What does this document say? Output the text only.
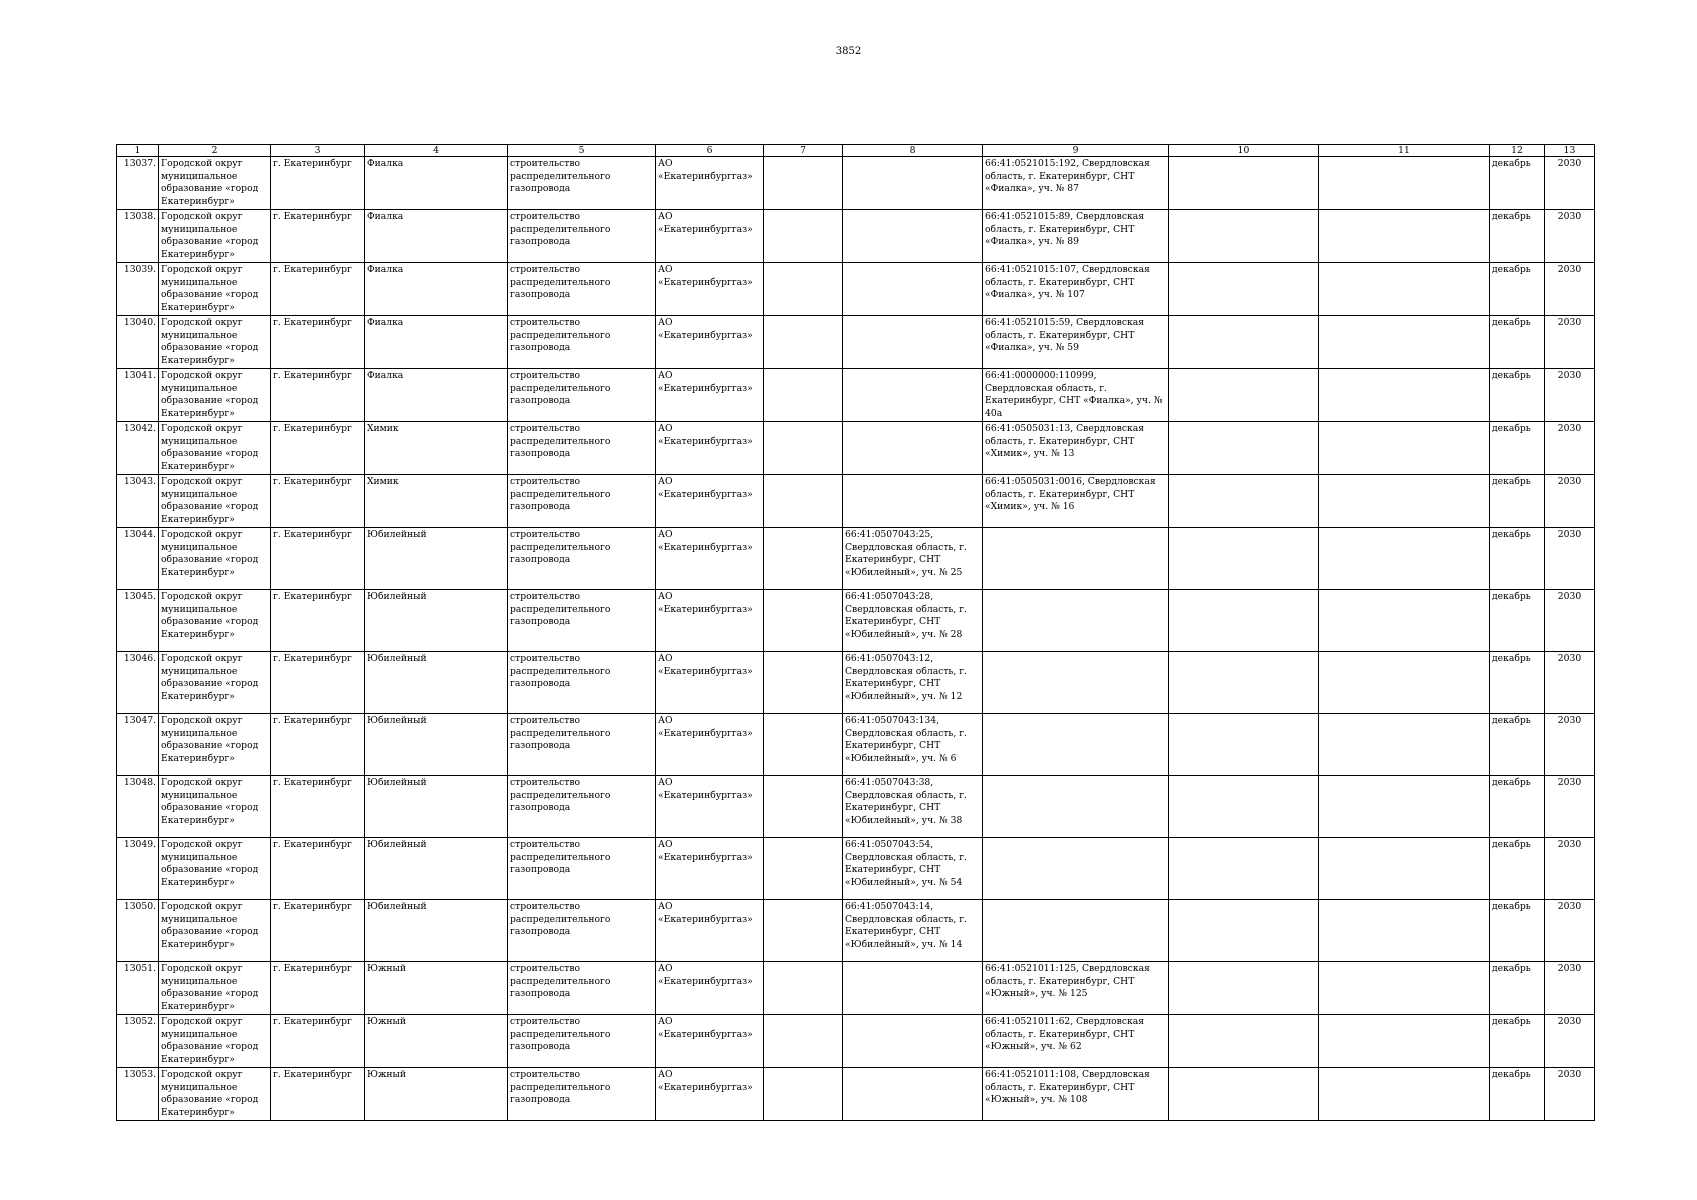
3852
1	2	3	4	5	6	7	8	9	10	11	12	13
13037.	Городской округ муниципальное образование «город Екатеринбург»	г. Екатеринбург	Фиалка	строительство распределительного газопровода	АО «Екатеринбурггаз»			66:41:0521015:192, Свердловская область, г. Екатеринбург, СНТ «Фиалка», уч. № 87			декабрь	2030
13038.	Городской округ муниципальное образование «город Екатеринбург»	г. Екатеринбург	Фиалка	строительство распределительного газопровода	АО «Екатеринбурггаз»			66:41:0521015:89, Свердловская область, г. Екатеринбург, СНТ «Фиалка», уч. № 89			декабрь	2030
13039.	Городской округ муниципальное образование «город Екатеринбург»	г. Екатеринбург	Фиалка	строительство распределительного газопровода	АО «Екатеринбурггаз»			66:41:0521015:107, Свердловская область, г. Екатеринбург, СНТ «Фиалка», уч. № 107			декабрь	2030
13040.	Городской округ муниципальное образование «город Екатеринбург»	г. Екатеринбург	Фиалка	строительство распределительного газопровода	АО «Екатеринбурггаз»			66:41:0521015:59, Свердловская область, г. Екатеринбург, СНТ «Фиалка», уч. № 59			декабрь	2030
13041.	Городской округ муниципальное образование «город Екатеринбург»	г. Екатеринбург	Фиалка	строительство распределительного газопровода	АО «Екатеринбурггаз»			66:41:0000000:110999, Свердловская область, г. Екатеринбург, СНТ «Фиалка», уч. № 40а			декабрь	2030
13042.	Городской округ муниципальное образование «город Екатеринбург»	г. Екатеринбург	Химик	строительство распределительного газопровода	АО «Екатеринбурггаз»			66:41:0505031:13, Свердловская область, г. Екатеринбург, СНТ «Химик», уч. № 13			декабрь	2030
13043.	Городской округ муниципальное образование «город Екатеринбург»	г. Екатеринбург	Химик	строительство распределительного газопровода	АО «Екатеринбурггаз»			66:41:0505031:0016, Свердловская область, г. Екатеринбург, СНТ «Химик», уч. № 16			декабрь	2030
13044.	Городской округ муниципальное образование «город Екатеринбург»	г. Екатеринбург	Юбилейный	строительство распределительного газопровода	АО «Екатеринбурггаз»		66:41:0507043:25, Свердловская область, г. Екатеринбург, СНТ «Юбилейный», уч. № 25				декабрь	2030
13045.	Городской округ муниципальное образование «город Екатеринбург»	г. Екатеринбург	Юбилейный	строительство распределительного газопровода	АО «Екатеринбурггаз»		66:41:0507043:28, Свердловская область, г. Екатеринбург, СНТ «Юбилейный», уч. № 28				декабрь	2030
13046.	Городской округ муниципальное образование «город Екатеринбург»	г. Екатеринбург	Юбилейный	строительство распределительного газопровода	АО «Екатеринбурггаз»		66:41:0507043:12, Свердловская область, г. Екатеринбург, СНТ «Юбилейный», уч. № 12				декабрь	2030
13047.	Городской округ муниципальное образование «город Екатеринбург»	г. Екатеринбург	Юбилейный	строительство распределительного газопровода	АО «Екатеринбурггаз»		66:41:0507043:134, Свердловская область, г. Екатеринбург, СНТ «Юбилейный», уч. № 6				декабрь	2030
13048.	Городской округ муниципальное образование «город Екатеринбург»	г. Екатеринбург	Юбилейный	строительство распределительного газопровода	АО «Екатеринбурггаз»		66:41:0507043:38, Свердловская область, г. Екатеринбург, СНТ «Юбилейный», уч. № 38				декабрь	2030
13049.	Городской округ муниципальное образование «город Екатеринбург»	г. Екатеринбург	Юбилейный	строительство распределительного газопровода	АО «Екатеринбурггаз»		66:41:0507043:54, Свердловская область, г. Екатеринбург, СНТ «Юбилейный», уч. № 54				декабрь	2030
13050.	Городской округ муниципальное образование «город Екатеринбург»	г. Екатеринбург	Юбилейный	строительство распределительного газопровода	АО «Екатеринбурггаз»		66:41:0507043:14, Свердловская область, г. Екатеринбург, СНТ «Юбилейный», уч. № 14				декабрь	2030
13051.	Городской округ муниципальное образование «город Екатеринбург»	г. Екатеринбург	Южный	строительство распределительного газопровода	АО «Екатеринбурггаз»			66:41:0521011:125, Свердловская область, г. Екатеринбург, СНТ «Южный», уч. № 125			декабрь	2030
13052.	Городской округ муниципальное образование «город Екатеринбург»	г. Екатеринбург	Южный	строительство распределительного газопровода	АО «Екатеринбурггаз»			66:41:0521011:62, Свердловская область, г. Екатеринбург, СНТ «Южный», уч. № 62			декабрь	2030
13053.	Городской округ муниципальное образование «город Екатеринбург»	г. Екатеринбург	Южный	строительство распределительного газопровода	АО «Екатеринбурггаз»			66:41:0521011:108, Свердловская область, г. Екатеринбург, СНТ «Южный», уч. № 108			декабрь	2030
